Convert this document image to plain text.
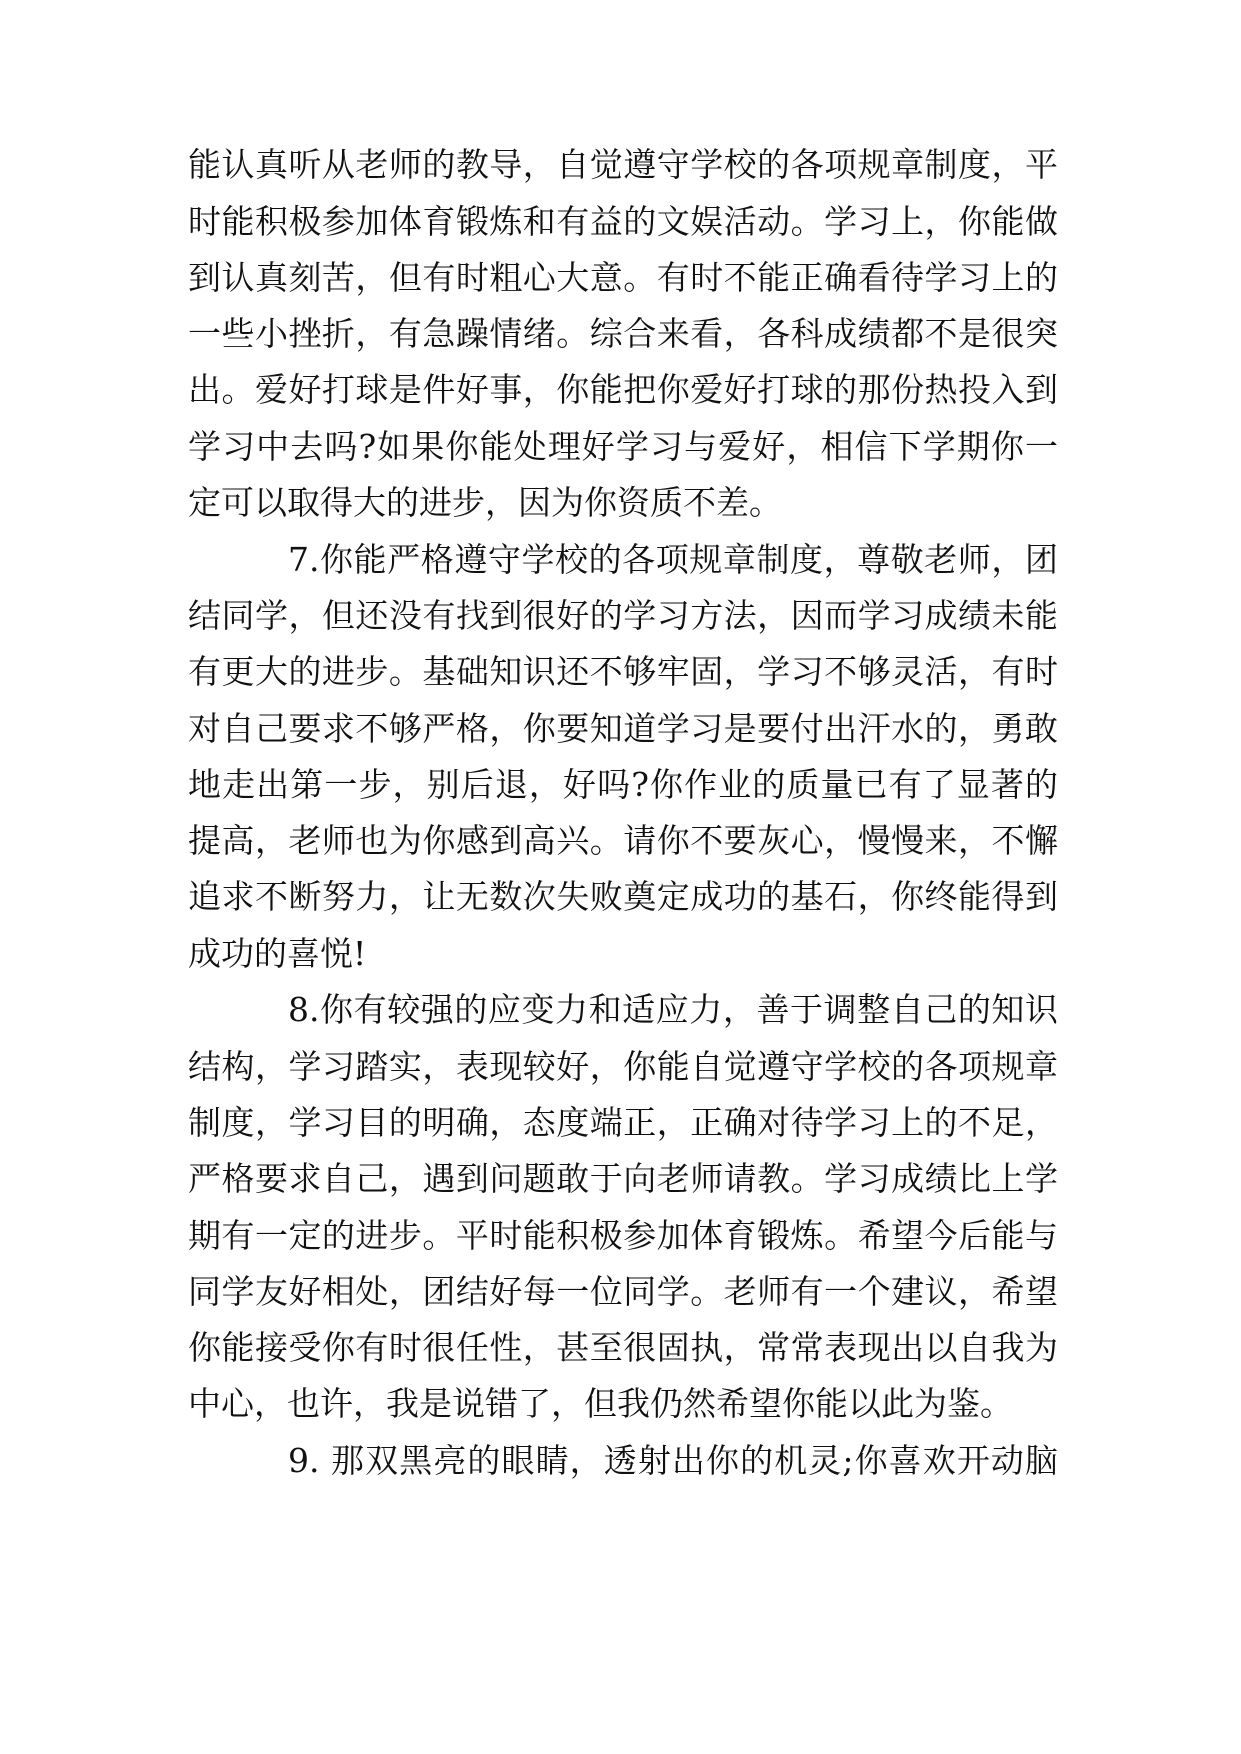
能认真听从老师的教导，自觉遵守学校的各项规章制度，平
时能积极参加体育锻炼和有益的文娱活动。学习上，你能做
到认真刻苦，但有时粗心大意。有时不能正确看待学习上的
一些小挫折，有急躁情绪。综合来看，各科成绩都不是很突
出。爱好打球是件好事，你能把你爱好打球的那份热投入到
学习中去吗?如果你能处理好学习与爱好，相信下学期你一
定可以取得大的进步，因为你资质不差。
7.你能严格遵守学校的各项规章制度，尊敬老师，团
结同学，但还没有找到很好的学习方法，因而学习成绩未能
有更大的进步。基础知识还不够牢固，学习不够灵活，有时
对自己要求不够严格，你要知道学习是要付出汗水的，勇敢
地走出第一步，别后退，好吗?你作业的质量已有了显著的
提高，老师也为你感到高兴。请你不要灰心，慢慢来，不懈
追求不断努力，让无数次失败奠定成功的基石，你终能得到
成功的喜悦!
8.你有较强的应变力和适应力，善于调整自己的知识
结构，学习踏实，表现较好，你能自觉遵守学校的各项规章
制度，学习目的明确，态度端正，正确对待学习上的不足，
严格要求自己，遇到问题敢于向老师请教。学习成绩比上学
期有一定的进步。平时能积极参加体育锻炼。希望今后能与
同学友好相处，团结好每一位同学。老师有一个建议，希望
你能接受你有时很任性，甚至很固执，常常表现出以自我为
中心，也许，我是说错了，但我仍然希望你能以此为鉴。
9. 那双黑亮的眼睛，透射出你的机灵;你喜欢开动脑
